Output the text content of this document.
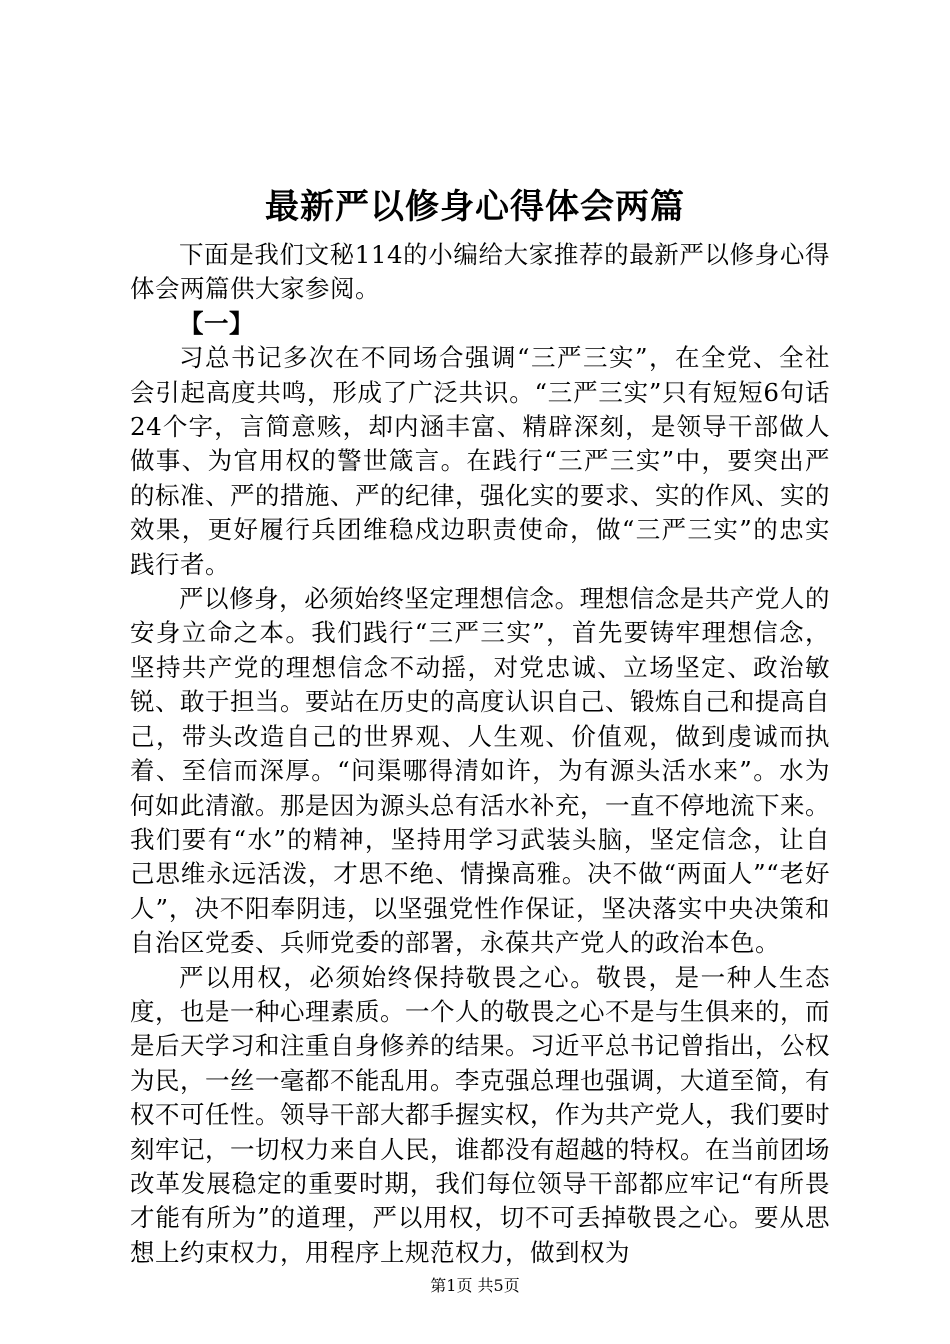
最新严以修身心得体会两篇

下面是我们文秘114的小编给大家推荐的最新严以修身心得体会两篇供大家参阅。

【一】

习总书记多次在不同场合强调“三严三实”，在全党、全社会引起高度共鸣，形成了广泛共识。“三严三实”只有短短6句话24个字，言简意赅，却内涵丰富、精辟深刻，是领导干部做人做事、为官用权的警世箴言。在践行“三严三实”中，要突出严的标准、严的措施、严的纪律，强化实的要求、实的作风、实的效果，更好履行兵团维稳戍边职责使命，做“三严三实”的忠实践行者。

严以修身，必须始终坚定理想信念。理想信念是共产党人的安身立命之本。我们践行“三严三实”，首先要铸牢理想信念，坚持共产党的理想信念不动摇，对党忠诚、立场坚定、政治敏锐、敢于担当。要站在历史的高度认识自己、锻炼自己和提高自己，带头改造自己的世界观、人生观、价值观，做到虔诚而执着、至信而深厚。“问渠哪得清如许，为有源头活水来”。水为何如此清澈。那是因为源头总有活水补充，一直不停地流下来。我们要有“水”的精神，坚持用学习武装头脑，坚定信念，让自己思维永远活泼，才思不绝、情操高雅。决不做“两面人”“老好人”，决不阳奉阴违，以坚强党性作保证，坚决落实中央决策和自治区党委、兵师党委的部署，永葆共产党人的政治本色。

严以用权，必须始终保持敬畏之心。敬畏，是一种人生态度，也是一种心理素质。一个人的敬畏之心不是与生俱来的，而是后天学习和注重自身修养的结果。习近平总书记曾指出，公权为民，一丝一毫都不能乱用。李克强总理也强调，大道至简，有权不可任性。领导干部大都手握实权，作为共产党人，我们要时刻牢记，一切权力来自人民，谁都没有超越的特权。在当前团场改革发展稳定的重要时期，我们每位领导干部都应牢记“有所畏才能有所为”的道理，严以用权，切不可丢掉敬畏之心。要从思想上约束权力，用程序上规范权力，做到权为

第1页 共5页
